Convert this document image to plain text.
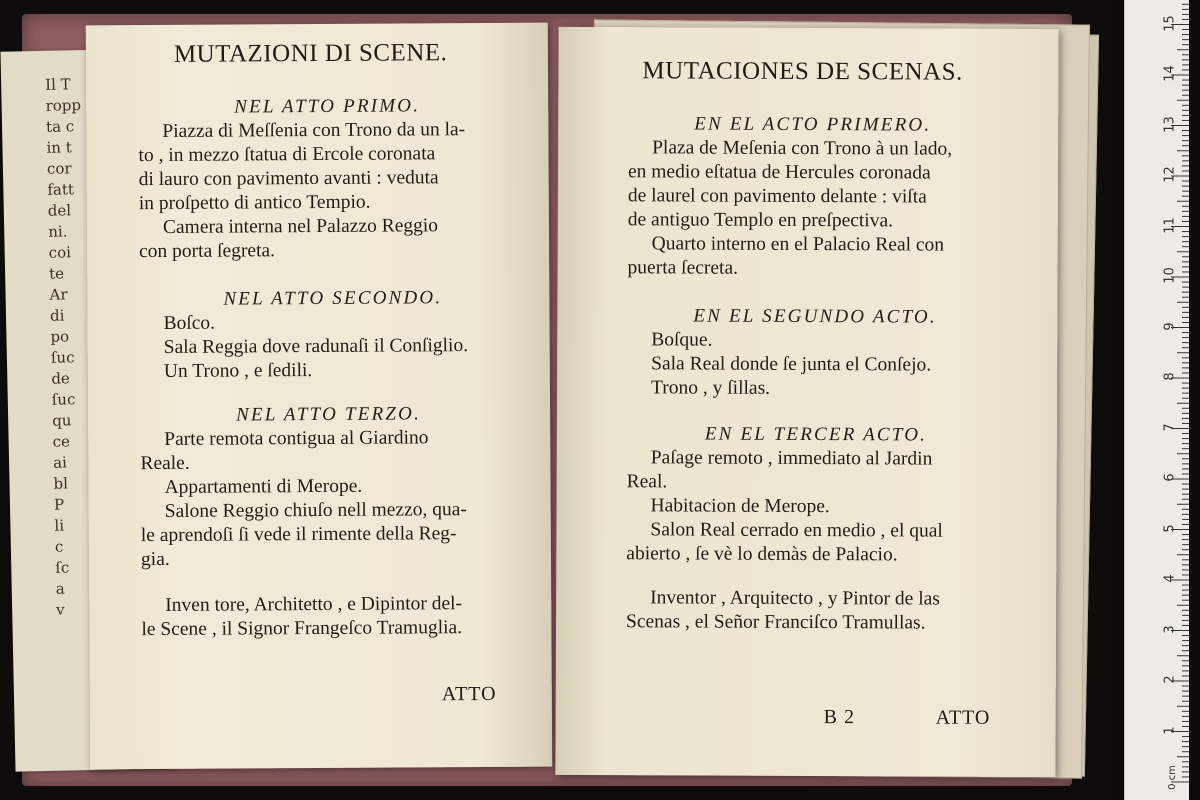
Il T
ropp
ta c
in t
cor
fatt
del
ni.
coi
te
Ar
di
po
ſuc
de
ſuc
qu
ce
ai
bl
P
li
c
ſc
a
v
MUTAZIONI DI SCENE.
NEL ATTO PRIMO.
Piazza di Meſſenia con Trono da un la-
to , in mezzo ſtatua di Ercole coronata
di lauro con pavimento avanti : veduta
in proſpetto di antico Tempio.
Camera interna nel Palazzo Reggio
con porta ſegreta.
NEL ATTO SECONDO.
Boſco.
Sala Reggia dove radunaſi il Conſiglio.
Un Trono , e ſedili.
NEL ATTO TERZO.
Parte remota contigua al Giardino
Reale.
Appartamenti di Merope.
Salone Reggio chiuſo nell mezzo, qua-
le aprendoſi ſi vede il rimente della Reg-
gia.
Inven tore, Architetto , e Dipintor del-
le Scene , il Signor Frangeſco Tramuglia.
ATTO
MUTACIONES DE SCENAS.
EN EL ACTO PRIMERO.
Plaza de Meſenia con Trono à un lado,
en medio eſtatua de Hercules coronada
de laurel con pavimento delante : viſta
de antiguo Templo en preſpectiva.
Quarto interno en el Palacio Real con
puerta ſecreta.
EN EL SEGUNDO ACTO.
Boſque.
Sala Real donde ſe junta el Conſejo.
Trono , y ſillas.
EN EL TERCER ACTO.
Paſage remoto , immediato al Jardin
Real.
Habitacion de Merope.
Salon Real cerrado en medio , el qual
abierto , ſe vè lo demàs de Palacio.
Inventor , Arquitecto , y Pintor de las
Scenas , el Señor Franciſco Tramullas.
B 2	ATTO
15
14
13
12
11
10
9
8
7
6
5
4
3
2
1
0 cm
